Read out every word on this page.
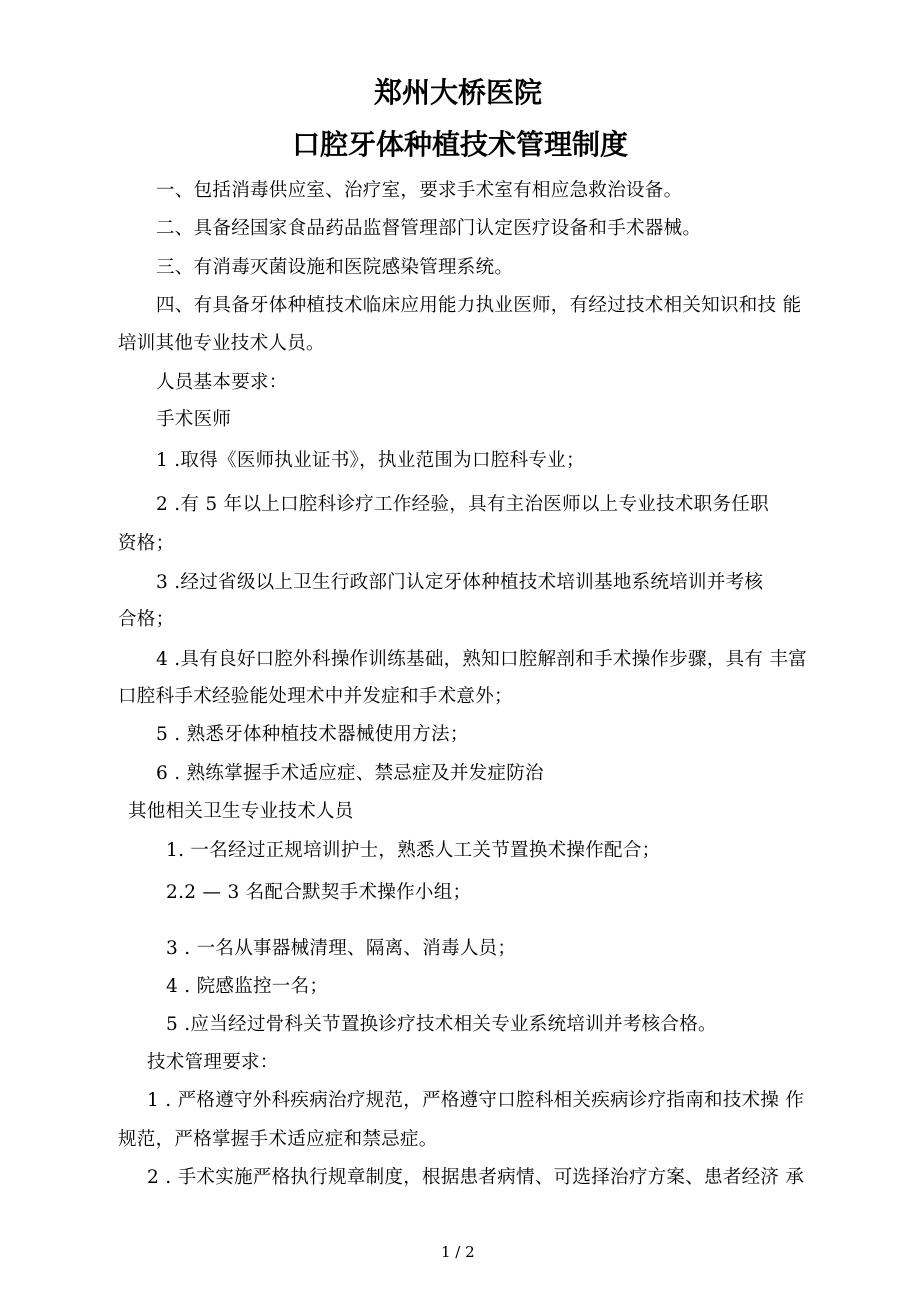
郑州大桥医院
口腔牙体种植技术管理制度

一、包括消毒供应室、治疗室，要求手术室有相应急救治设备。

二、具备经国家食品药品监督管理部门认定医疗设备和手术器械。

三、有消毒灭菌设施和医院感染管理系统。

四、有具备牙体种植技术临床应用能力执业医师，有经过技术相关知识和技 能

培训其他专业技术人员。

人员基本要求：

手术医师

1 .取得《医师执业证书》，执业范围为口腔科专业；

2 .有 5 年以上口腔科诊疗工作经验，具有主治医师以上专业技术职务任职

资格；

3 .经过省级以上卫生行政部门认定牙体种植技术培训基地系统培训并考核

合格；

4 .具有良好口腔外科操作训练基础，熟知口腔解剖和手术操作步骤，具有 丰富

口腔科手术经验能处理术中并发症和手术意外；

5 . 熟悉牙体种植技术器械使用方法；

6 . 熟练掌握手术适应症、禁忌症及并发症防治

其他相关卫生专业技术人员

1. 一名经过正规培训护士，熟悉人工关节置换术操作配合；

2.2 — 3 名配合默契手术操作小组；

3 . 一名从事器械清理、隔离、消毒人员；

4 . 院感监控一名；

5 .应当经过骨科关节置换诊疗技术相关专业系统培训并考核合格。

技术管理要求：

1 . 严格遵守外科疾病治疗规范，严格遵守口腔科相关疾病诊疗指南和技术操 作

规范，严格掌握手术适应症和禁忌症。

2 . 手术实施严格执行规章制度，根据患者病情、可选择治疗方案、患者经济 承

1 / 2
